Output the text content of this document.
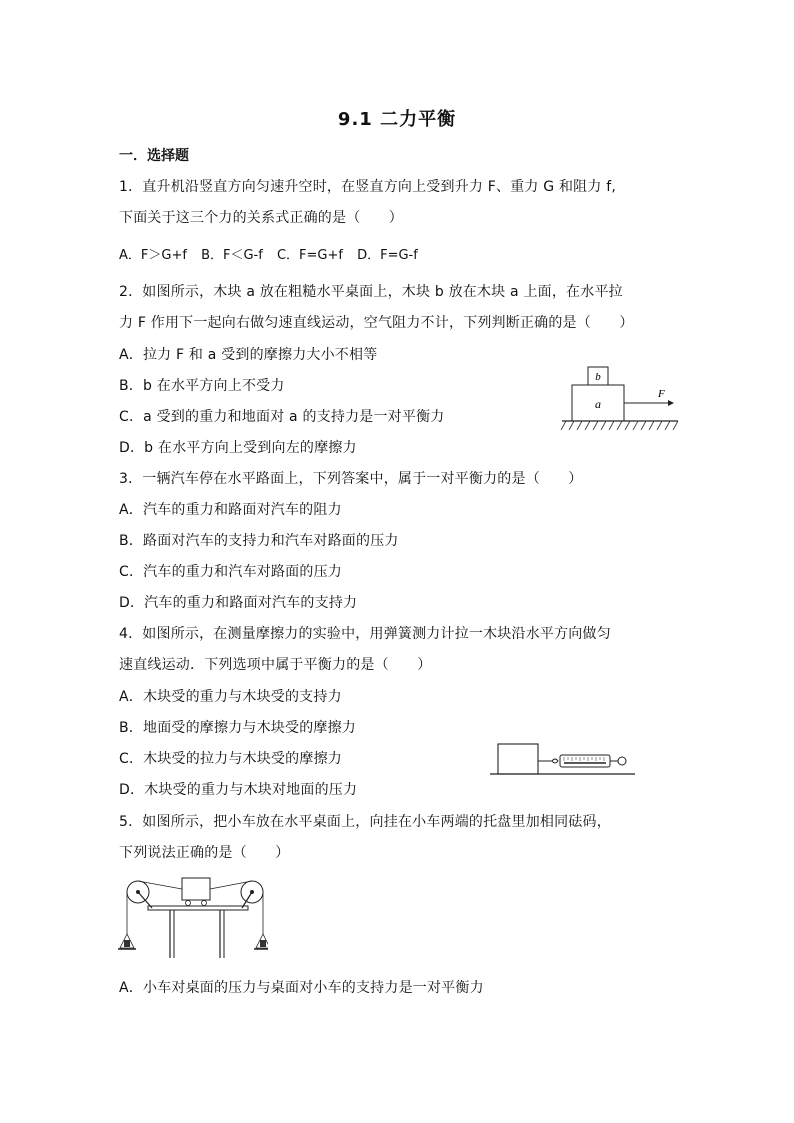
9.1 二力平衡
一．选择题
1．直升机沿竖直方向匀速升空时，在竖直方向上受到升力 F、重力 G 和阻力 f,
下面关于这三个力的关系式正确的是（　　）
A．F＞G+f B．F＜G-f C．F=G+f D．F=G-f
2．如图所示，木块 a 放在粗糙水平桌面上，木块 b 放在木块 a 上面，在水平拉
力 F 作用下一起向右做匀速直线运动，空气阻力不计，下列判断正确的是（　　）
A．拉力 F 和 a 受到的摩擦力大小不相等
B．b 在水平方向上不受力
C．a 受到的重力和地面对 a 的支持力是一对平衡力
D．b 在水平方向上受到向左的摩擦力
b
a
F
3．一辆汽车停在水平路面上，下列答案中，属于一对平衡力的是（　　）
A．汽车的重力和路面对汽车的阻力
B．路面对汽车的支持力和汽车对路面的压力
C．汽车的重力和汽车对路面的压力
D．汽车的重力和路面对汽车的支持力
4．如图所示，在测量摩擦力的实验中，用弹簧测力计拉一木块沿水平方向做匀
速直线运动．下列选项中属于平衡力的是（　　）
A．木块受的重力与木块受的支持力
B．地面受的摩擦力与木块受的摩擦力
C．木块受的拉力与木块受的摩擦力
D．木块受的重力与木块对地面的压力
5．如图所示，把小车放在水平桌面上，向挂在小车两端的托盘里加相同砝码，
下列说法正确的是（　　）
A．小车对桌面的压力与桌面对小车的支持力是一对平衡力
